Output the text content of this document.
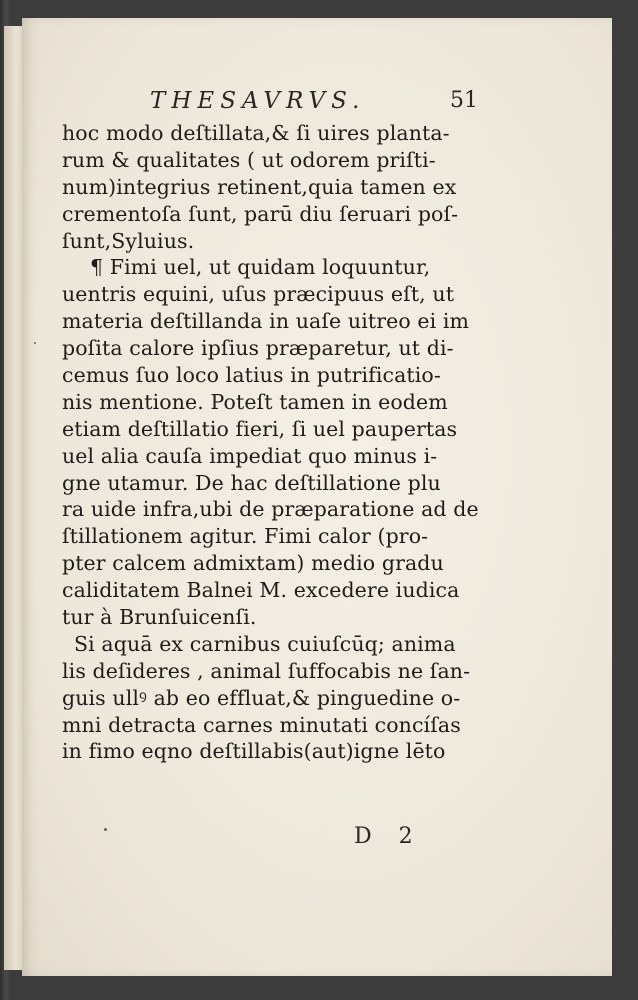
THESAVRVS.	51
hoc modo deſtillata,& ſi uires planta-
rum & qualitates ( ut odorem priſti-
num)integrius retinent,quia tamen ex
crementoſa ſunt, parū diu ſeruari poſ-
ſunt,Syluius.
¶ Fimi uel, ut quidam loquuntur,
uentris equini, uſus præcipuus eſt, ut
materia deſtillanda in uaſe uitreo ei im
poſita calore ipſius præparetur, ut di-
cemus ſuo loco latius in putrificatio-
nis mentione. Poteſt tamen in eodem
etiam deſtillatio fieri, ſi uel paupertas
uel alia cauſa impediat quo minus i-
gne utamur. De hac deſtillatione plu
ra uide infra,ubi de præparatione ad de
ſtillationem agitur. Fimi calor (pro-
pter calcem admixtam) medio gradu
caliditatem Balnei M. excedere iudica
tur à Brunſuicenſi.
Si aquā ex carnibus cuiuſcūq; anima
lis deſideres , animal ſuffocabis ne ſan-
guis ullꝰ ab eo effluat,& pinguedine o-
mni detracta carnes minutati concíſas
in fimo eqno deſtillabis(aut)igne lēto
D 2
